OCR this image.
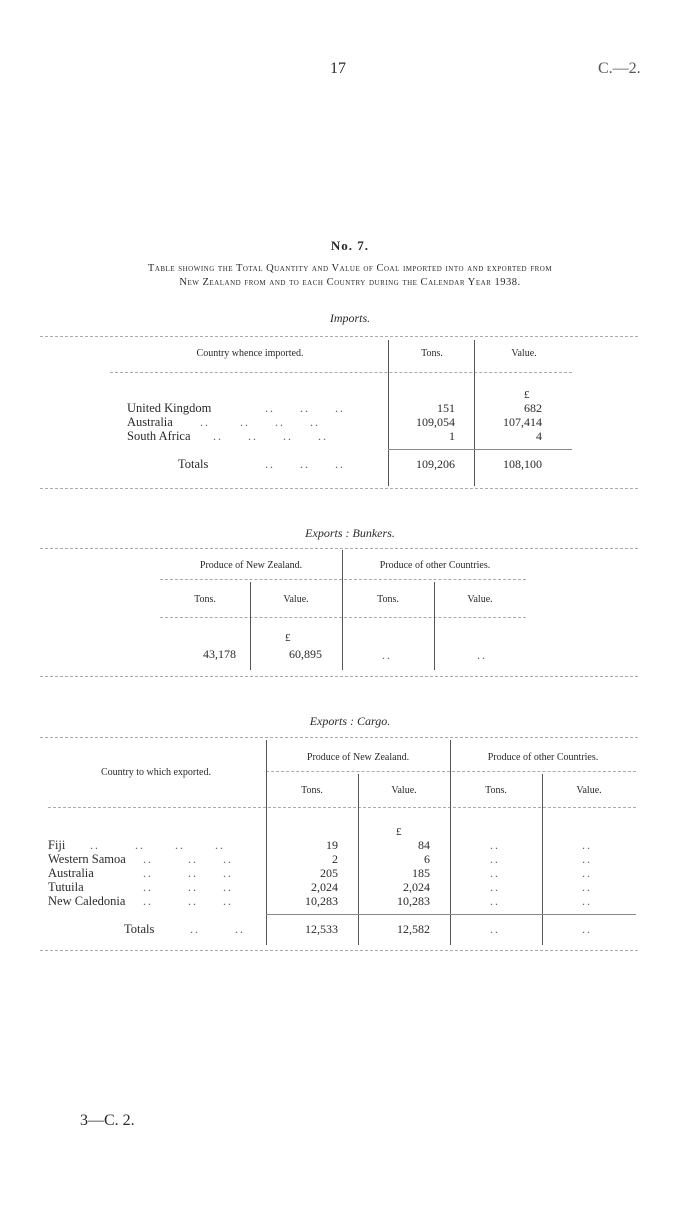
17	C.—2.
No. 7.
Table showing the Total Quantity and Value of Coal imported into and exported from
New Zealand from and to each Country during the Calendar Year 1938.
Imports.
Country whence imported.	Tons.	Value.
£
United Kingdom	..     ..     ..	151	682
Australia ..      ..     ..     ..	109,054	107,414
South Africa ..     ..     ..     ..	1	4
Totals	..     ..     ..	109,206	108,100
Exports : Bunkers.
Produce of New Zealand.	Produce of other Countries.
Tons.	Value.	Tons.	Value.
£
43,178	60,895	..	..
Exports : Cargo.
Country to which exported.
Produce of New Zealand.	Produce of other Countries.
Tons.	Value.	Tons.	Value.
£
Fiji ..       ..      ..      ..	19	84	..	..
Western Samoa ..       ..     ..	2	6	..	..
Australia	..       ..     ..	205	185	..	..
Tutuila	..       ..     ..	2,024	2,024	..	..
New Caledonia ..       ..     ..	10,283	10,283	..	..
Totals	..       ..	12,533	12,582	..	..
3—C. 2.
